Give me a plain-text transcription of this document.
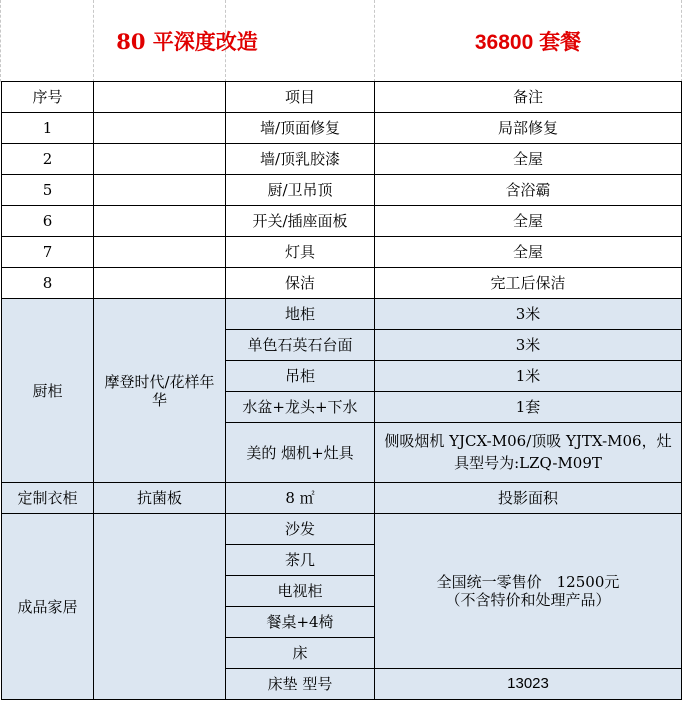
80 平深度改造	36800 套餐
序号		项目	备注
1		墙/顶面修复	局部修复
2		墙/顶乳胶漆	全屋
5		厨/卫吊顶	含浴霸
6		开关/插座面板	全屋
7		灯具	全屋
8		保洁	完工后保洁
厨柜	摩登时代/花样年华	地柜	3米
		单色石英石台面	3米
		吊柜	1米
		水盆+龙头+下水	1套
		美的 烟机+灶具	侧吸烟机 YJCX-M06/顶吸 YJTX-M06，灶具型号为:LZQ-M09T
定制衣柜	抗菌板	8 ㎡	投影面积
成品家居		沙发	全国统一零售价　12500元
（不含特价和处理产品）

		茶几	
		电视柜	
		餐桌+4椅	
		床	
		床垫 型号	13023
